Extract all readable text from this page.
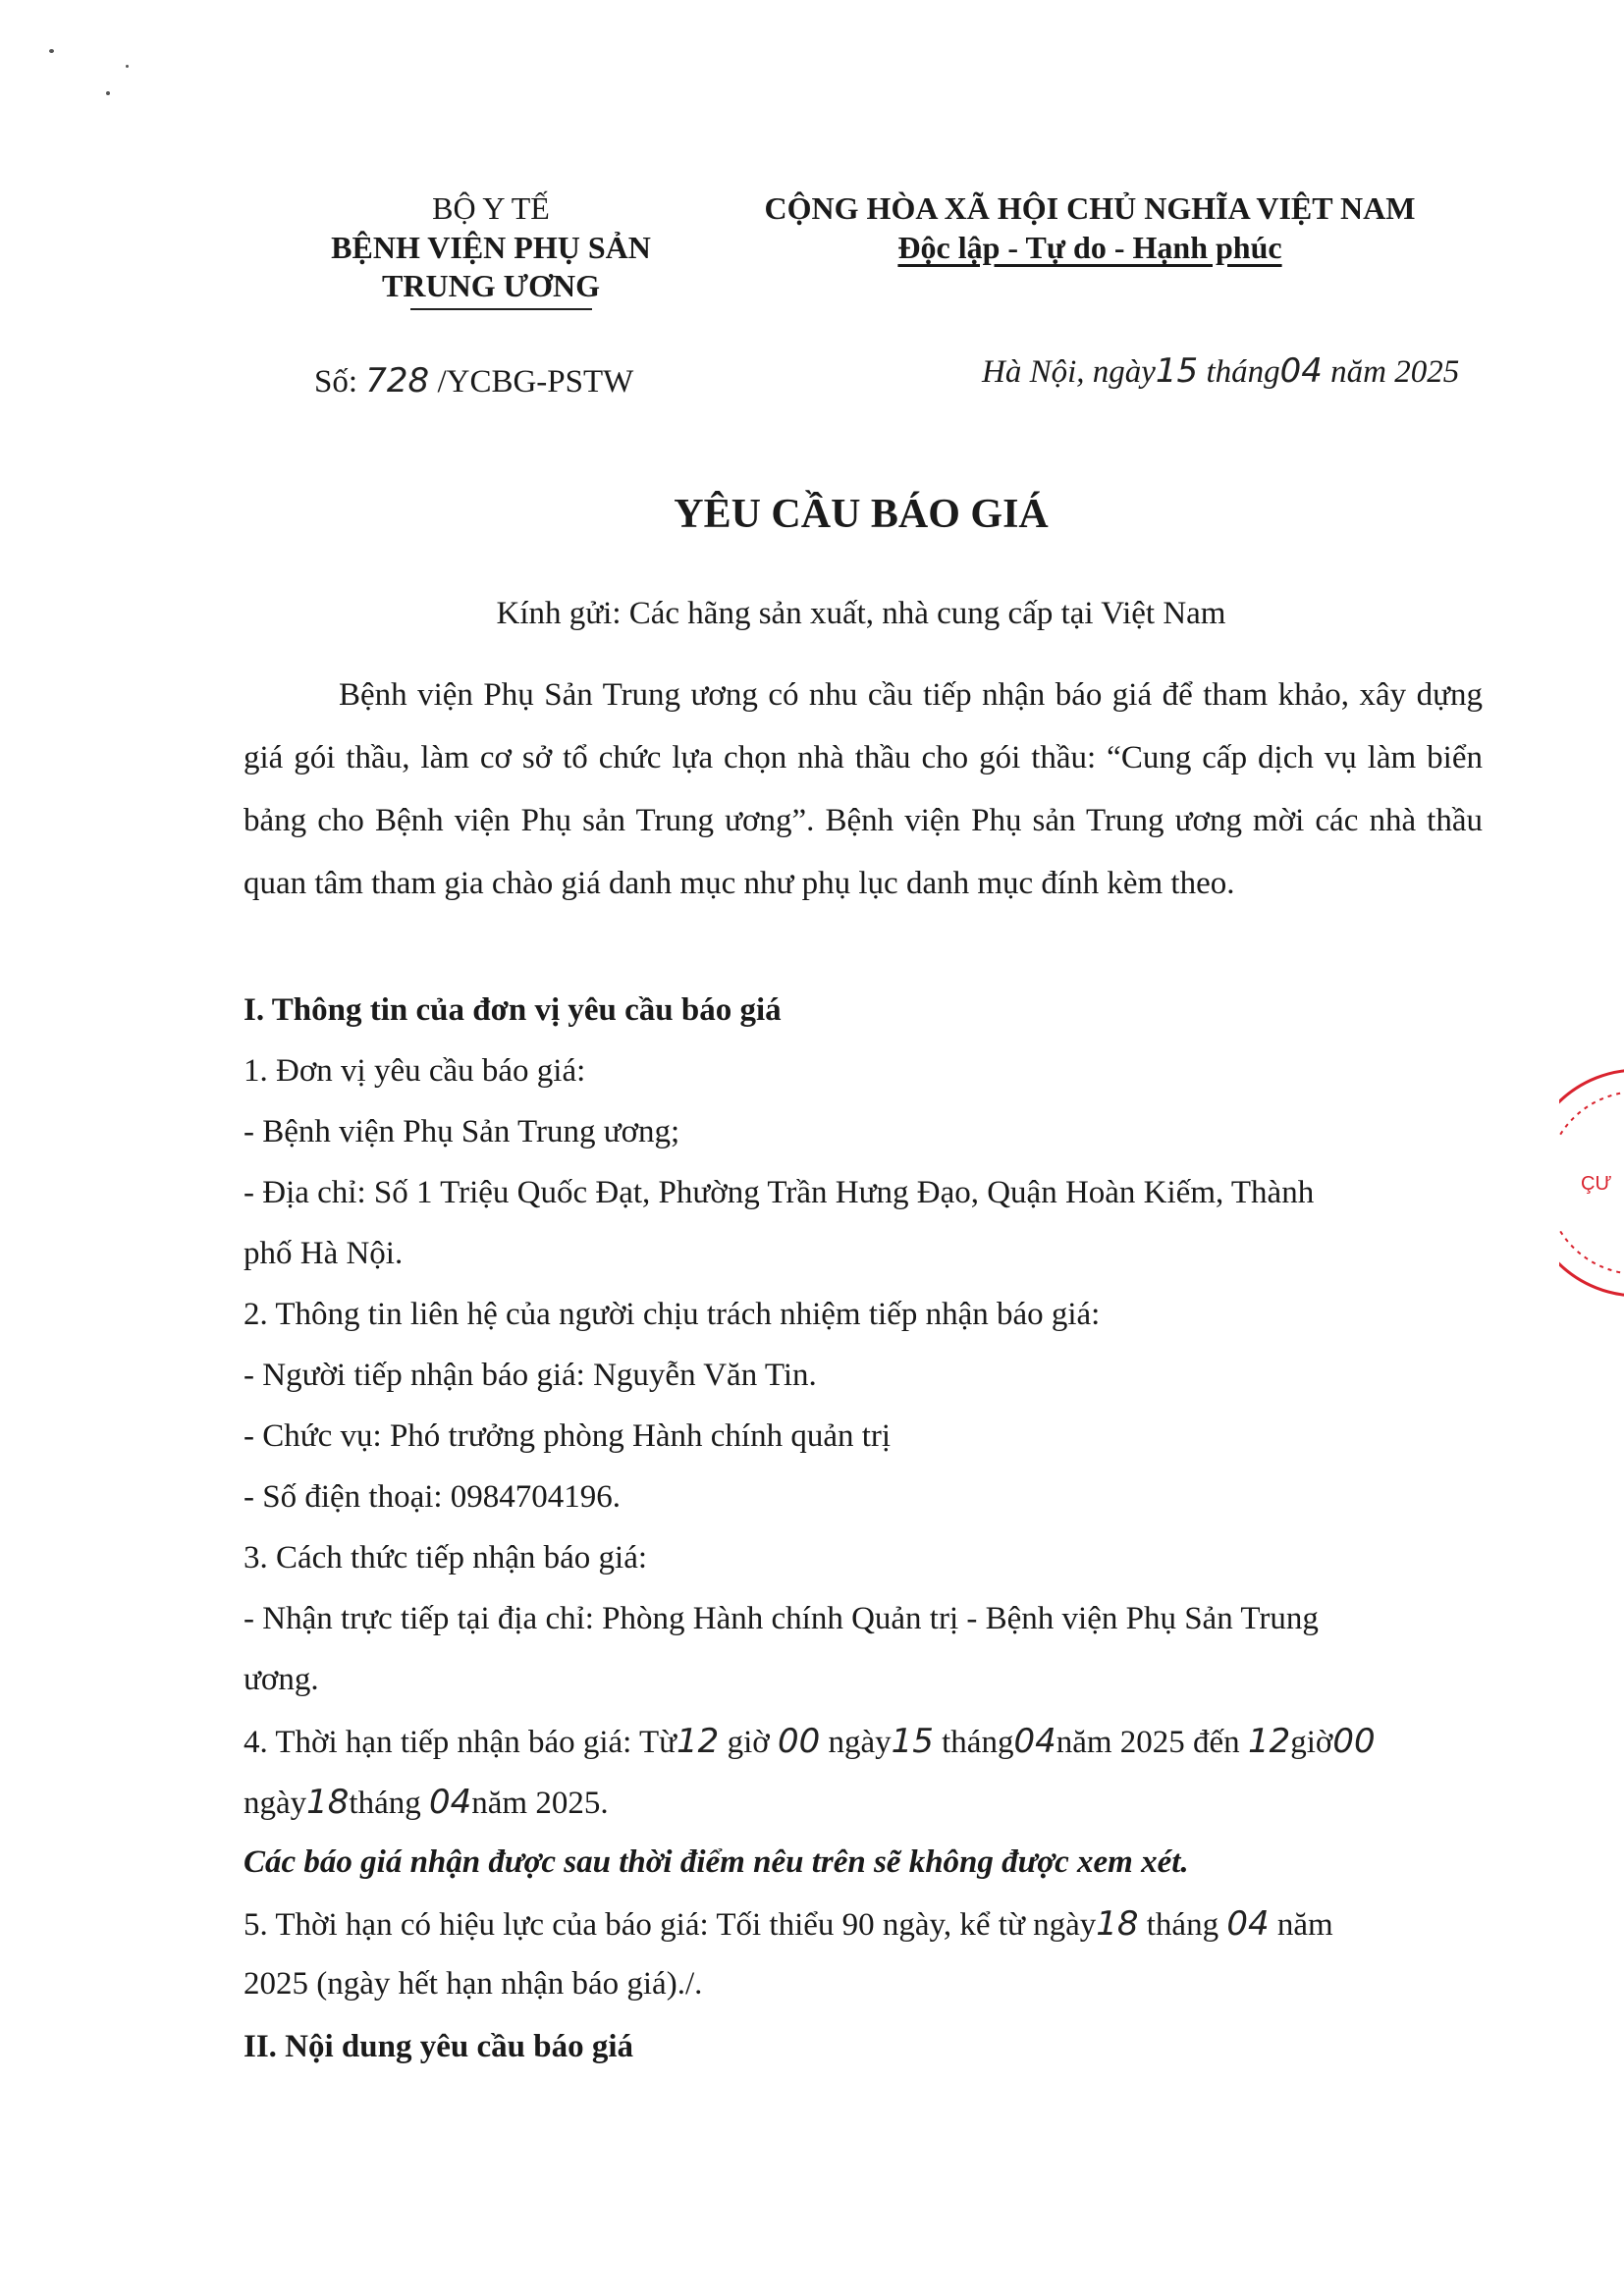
BỘ Y TẾ
BỆNH VIỆN PHỤ SẢN
TRUNG ƯƠNG
CỘNG HÒA XÃ HỘI CHỦ NGHĨA VIỆT NAM
Độc lập - Tự do - Hạnh phúc
Số: 728 /YCBG-PSTW	Hà Nội, ngày15 tháng04 năm 2025
YÊU CẦU BÁO GIÁ
Kính gửi: Các hãng sản xuất, nhà cung cấp tại Việt Nam
Bệnh viện Phụ Sản Trung ương có nhu cầu tiếp nhận báo giá để tham khảo, xây dựng giá gói thầu, làm cơ sở tổ chức lựa chọn nhà thầu cho gói thầu: “Cung cấp dịch vụ làm biển bảng cho Bệnh viện Phụ sản Trung ương”. Bệnh viện Phụ sản Trung ương mời các nhà thầu quan tâm tham gia chào giá danh mục như phụ lục danh mục đính kèm theo.
I. Thông tin của đơn vị yêu cầu báo giá
1. Đơn vị yêu cầu báo giá:
- Bệnh viện Phụ Sản Trung ương;
- Địa chỉ: Số 1 Triệu Quốc Đạt, Phường Trần Hưng Đạo, Quận Hoàn Kiếm, Thành
phố Hà Nội.
2. Thông tin liên hệ của người chịu trách nhiệm tiếp nhận báo giá:
- Người tiếp nhận báo giá: Nguyễn Văn Tin.
- Chức vụ: Phó trưởng phòng Hành chính quản trị
- Số điện thoại: 0984704196.
3. Cách thức tiếp nhận báo giá:
- Nhận trực tiếp tại địa chỉ: Phòng Hành chính Quản trị - Bệnh viện Phụ Sản Trung
ương.
4. Thời hạn tiếp nhận báo giá: Từ12 giờ 00 ngày15 tháng04năm 2025 đến 12giờ00
ngày18tháng 04năm 2025.
Các báo giá nhận được sau thời điểm nêu trên sẽ không được xem xét.
5. Thời hạn có hiệu lực của báo giá: Tối thiểu 90 ngày, kể từ ngày18 tháng 04 năm
2025 (ngày hết hạn nhận báo giá)./.
II. Nội dung yêu cầu báo giá
ÇƯ
